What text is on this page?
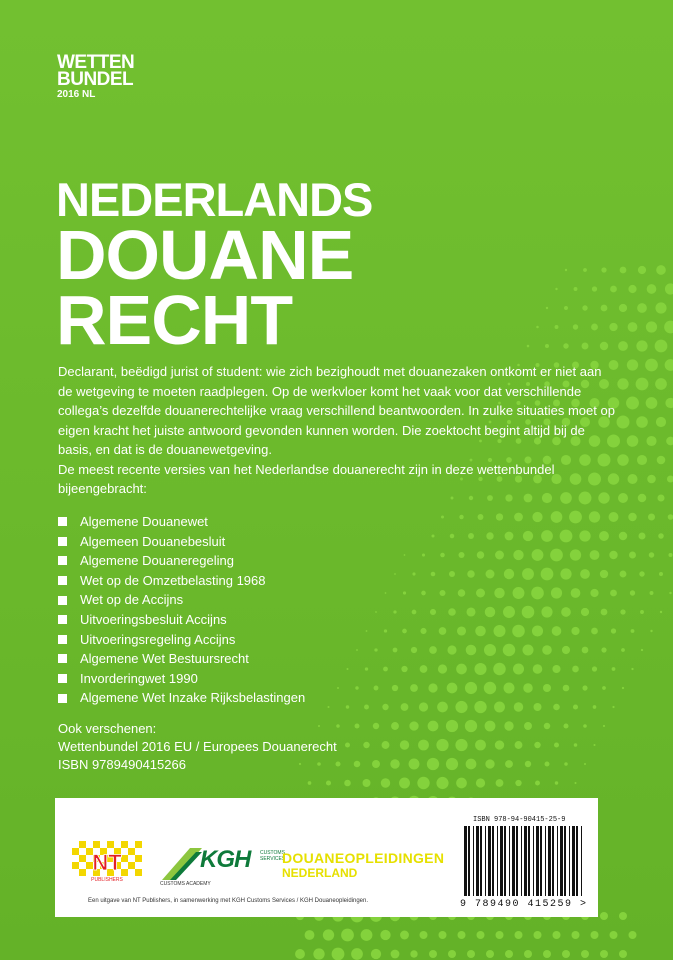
WETTEN
BUNDEL
2016 NL
NEDERLANDS
DOUANE
RECHT

Declarant, beëdigd jurist of student: wie zich bezighoudt met douanezaken ontkomt er niet aan de wetgeving te moeten raadplegen. Op de werkvloer komt het vaak voor dat verschillende collega’s dezelfde douanerechtelijke vraag verschillend beantwoorden. In zulke situaties moet op eigen kracht het juiste antwoord gevonden kunnen worden. Die zoektocht begint altijd bij de basis, en dat is de douanewetgeving.

De meest recente versies van het Nederlandse douanerecht zijn in deze wettenbundel bijeengebracht:

Algemene Douanewet
Algemeen Douanebesluit
Algemene Douaneregeling
Wet op de Omzetbelasting 1968
Wet op de Accijns
Uitvoeringsbesluit Accijns
Uitvoeringsregeling Accijns
Algemene Wet Bestuursrecht
Invorderingwet 1990
Algemene Wet Inzake Rijksbelastingen

Ook verschenen:

Wettenbundel 2016 EU / Europees Douanerecht

ISBN 9789490415266

NT
PUBLISHERS
KGH CUSTOMS
SERVICES
CUSTOMS ACADEMY
DOUANEOPLEIDINGEN
NEDERLAND
Een uitgave van NT Publishers, in samenwerking met KGH Customs Services / KGH Douaneopleidingen.
ISBN 978-94-90415-25-9
9 789490 415259 >
